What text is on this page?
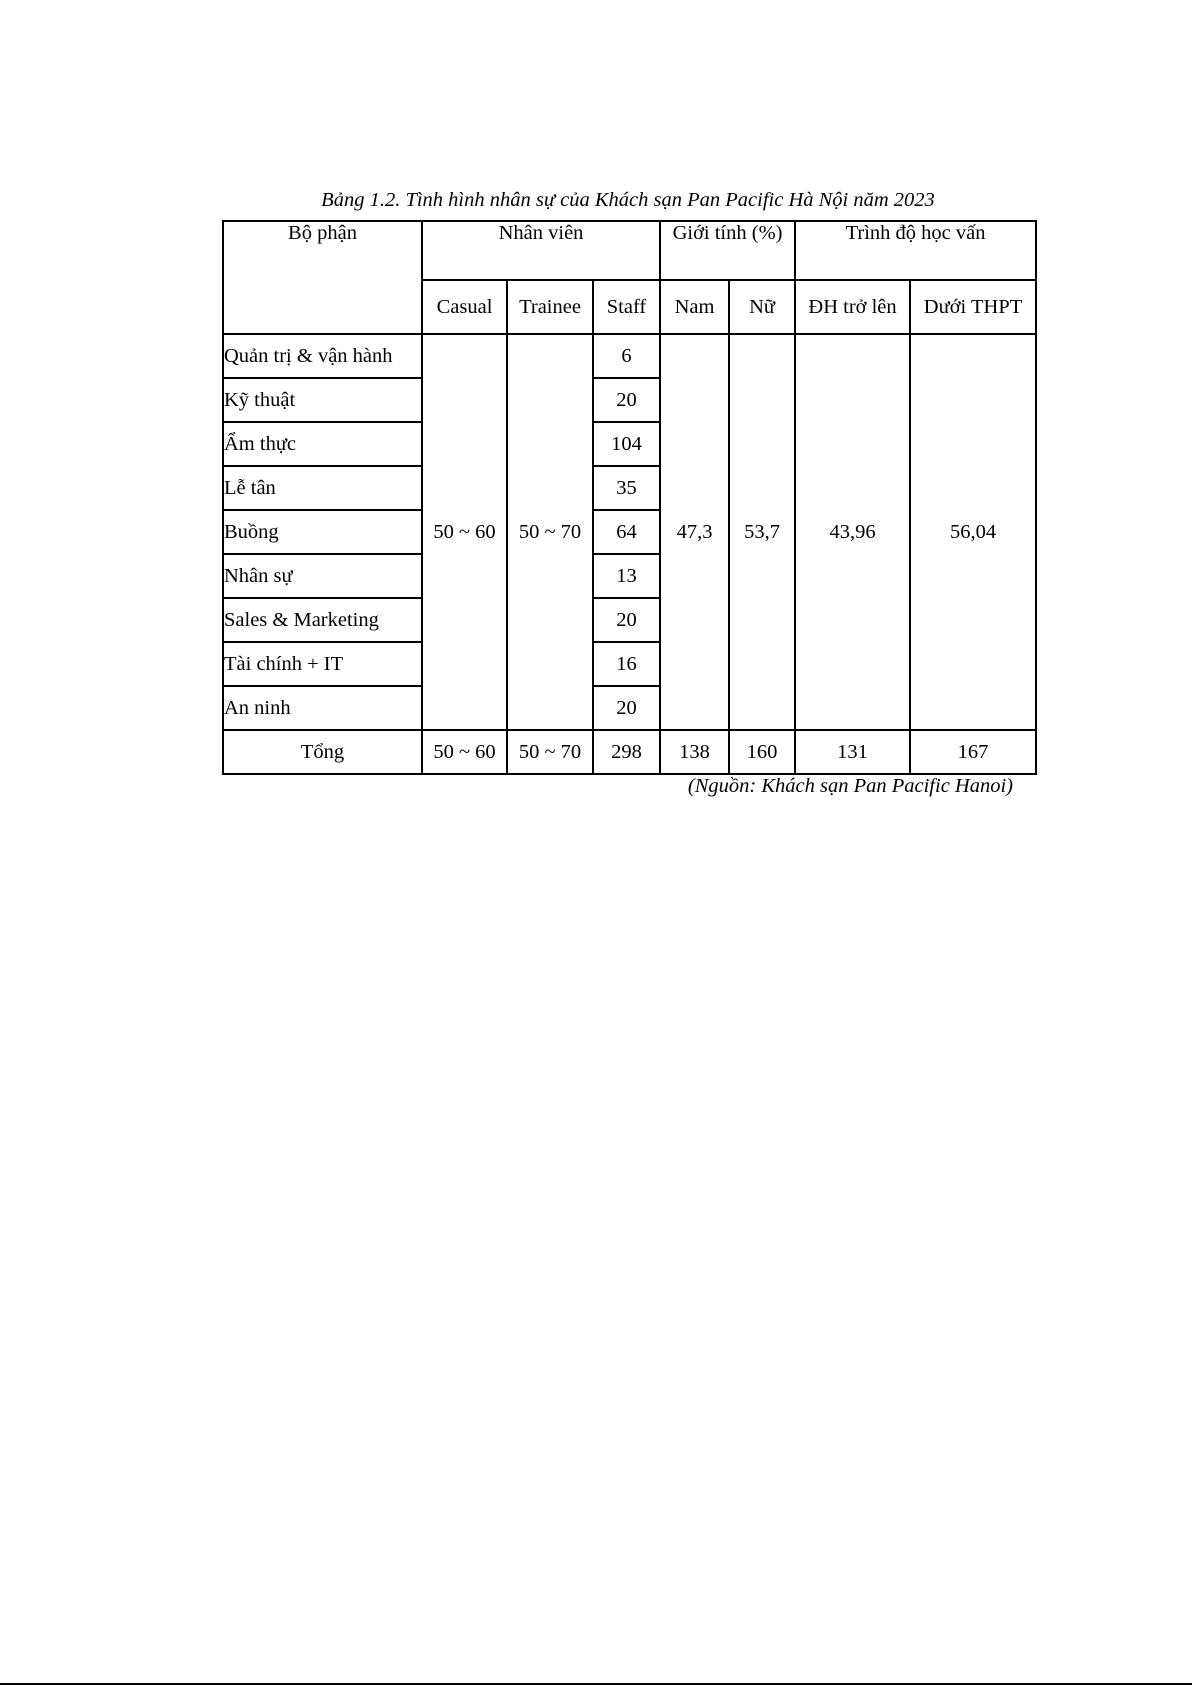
Bảng 1.2. Tình hình nhân sự của Khách sạn Pan Pacific Hà Nội năm 2023
Bộ phận	Nhân viên			Giới tính (%)		Trình độ học vấn	
	Casual	Trainee	Staff	Nam	Nữ	ĐH trở lên	Dưới THPT
Quản trị & vận hành	50 ~ 60	50 ~ 70	6	47,3	53,7	43,96	56,04
Kỹ thuật			20				
Ẩm thực			104				
Lễ tân			35				
Buồng			64				
Nhân sự			13				
Sales & Marketing			20				
Tài chính + IT			16				
An ninh			20				
Tổng	50 ~ 60	50 ~ 70	298	138	160	131	167
(Nguồn: Khách sạn Pan Pacific Hanoi)
